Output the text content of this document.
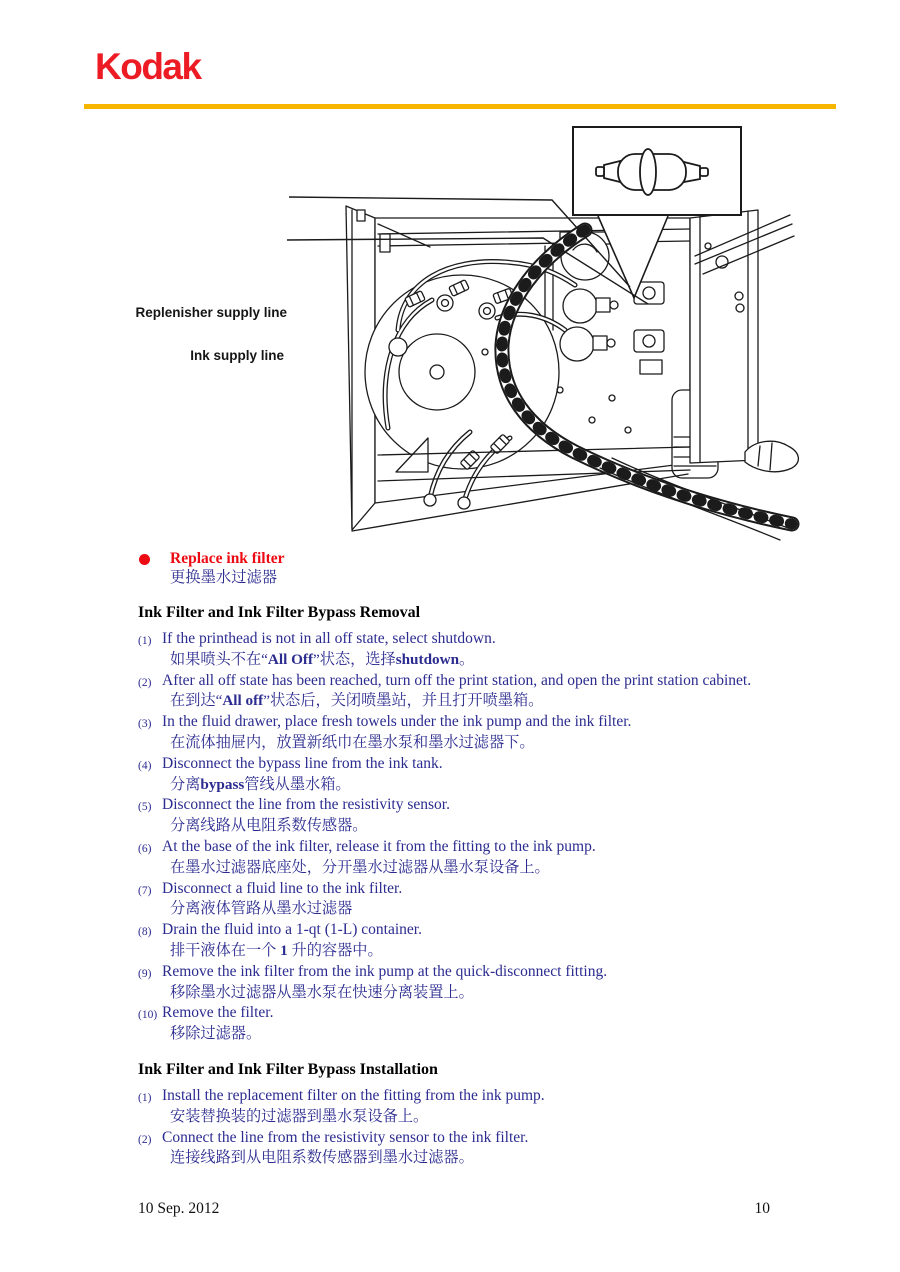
Kodak
Replenisher supply line
Ink supply line
Replace ink filter
更换墨水过滤器
Ink Filter and Ink Filter Bypass Removal
(1) If the printhead is not in all off state, select shutdown.
如果喷头不在“All Off”状态，选择shutdown。
(2) After all off state has been reached, turn off the print station, and open the print station cabinet.
在到达“All off”状态后，关闭喷墨站，并且打开喷墨箱。
(3) In the fluid drawer, place fresh towels under the ink pump and the ink filter.
在流体抽屉内，放置新纸巾在墨水泵和墨水过滤器下。
(4) Disconnect the bypass line from the ink tank.
分离bypass管线从墨水箱。
(5) Disconnect the line from the resistivity sensor.
分离线路从电阻系数传感器。
(6) At the base of the ink filter, release it from the fitting to the ink pump.
在墨水过滤器底座处，分开墨水过滤器从墨水泵设备上。
(7) Disconnect a fluid line to the ink filter.
分离液体管路从墨水过滤器
(8) Drain the fluid into a 1-qt (1-L) container.
排干液体在一个 1 升的容器中。
(9) Remove the ink filter from the ink pump at the quick-disconnect fitting.
移除墨水过滤器从墨水泵在快速分离装置上。
(10) Remove the filter.
移除过滤器。
Ink Filter and Ink Filter Bypass Installation
(1) Install the replacement filter on the fitting from the ink pump.
安装替换装的过滤器到墨水泵设备上。
(2) Connect the line from the resistivity sensor to the ink filter.
连接线路到从电阻系数传感器到墨水过滤器。
10 Sep. 2012	10
